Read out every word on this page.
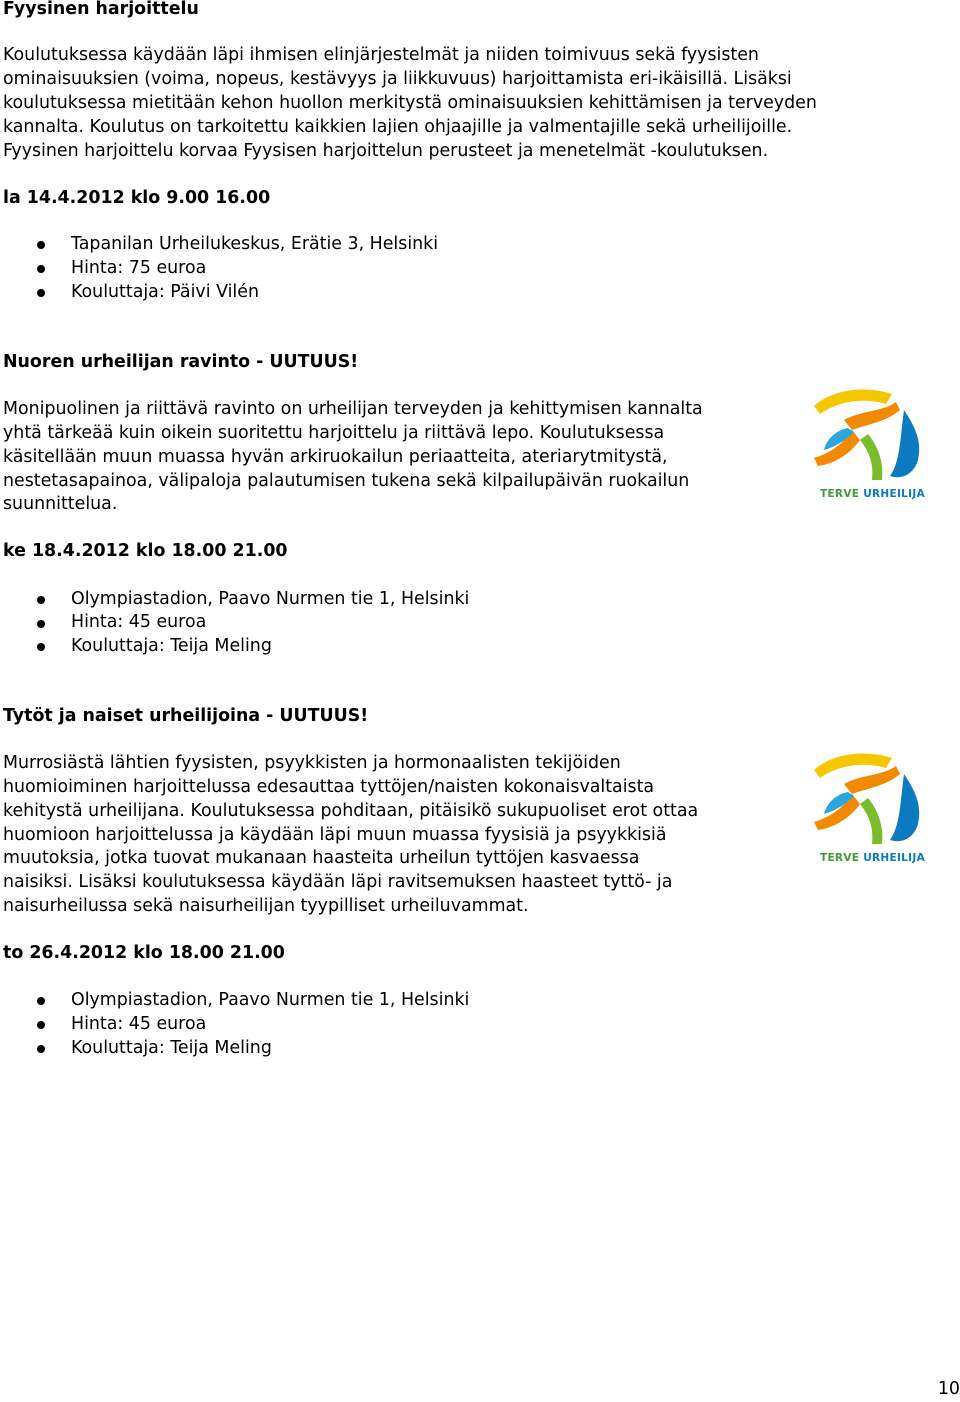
Fyysinen harjoittelu
Koulutuksessa käydään läpi ihmisen elinjärjestelmät ja niiden toimivuus sekä fyysisten
ominaisuuksien (voima, nopeus, kestävyys ja liikkuvuus) harjoittamista eri-ikäisillä. Lisäksi
koulutuksessa mietitään kehon huollon merkitystä ominaisuuksien kehittämisen ja terveyden
kannalta. Koulutus on tarkoitettu kaikkien lajien ohjaajille ja valmentajille sekä urheilijoille.
Fyysinen harjoittelu korvaa Fyysisen harjoittelun perusteet ja menetelmät -koulutuksen.
la 14.4.2012 klo 9.00 16.00
Tapanilan Urheilukeskus, Erätie 3, Helsinki
Hinta: 75 euroa
Kouluttaja: Päivi Vilén
Nuoren urheilijan ravinto - UUTUUS!
Monipuolinen ja riittävä ravinto on urheilijan terveyden ja kehittymisen kannalta
yhtä tärkeää kuin oikein suoritettu harjoittelu ja riittävä lepo. Koulutuksessa
käsitellään muun muassa hyvän arkiruokailun periaatteita, ateriarytmitystä,
nestetasapainoa, välipaloja palautumisen tukena sekä kilpailupäivän ruokailun
suunnittelua.
ke 18.4.2012 klo 18.00 21.00
Olympiastadion, Paavo Nurmen tie 1, Helsinki
Hinta: 45 euroa
Kouluttaja: Teija Meling
TERVE URHEILIJA
Tytöt ja naiset urheilijoina - UUTUUS!
Murrosiästä lähtien fyysisten, psyykkisten ja hormonaalisten tekijöiden
huomioiminen harjoittelussa edesauttaa tyttöjen/naisten kokonaisvaltaista
kehitystä urheilijana. Koulutuksessa pohditaan, pitäisikö sukupuoliset erot ottaa
huomioon harjoittelussa ja käydään läpi muun muassa fyysisiä ja psyykkisiä
muutoksia, jotka tuovat mukanaan haasteita urheilun tyttöjen kasvaessa
naisiksi. Lisäksi koulutuksessa käydään läpi ravitsemuksen haasteet tyttö- ja
naisurheilussa sekä naisurheilijan tyypilliset urheiluvammat.
to 26.4.2012 klo 18.00 21.00
Olympiastadion, Paavo Nurmen tie 1, Helsinki
Hinta: 45 euroa
Kouluttaja: Teija Meling
TERVE URHEILIJA
10
